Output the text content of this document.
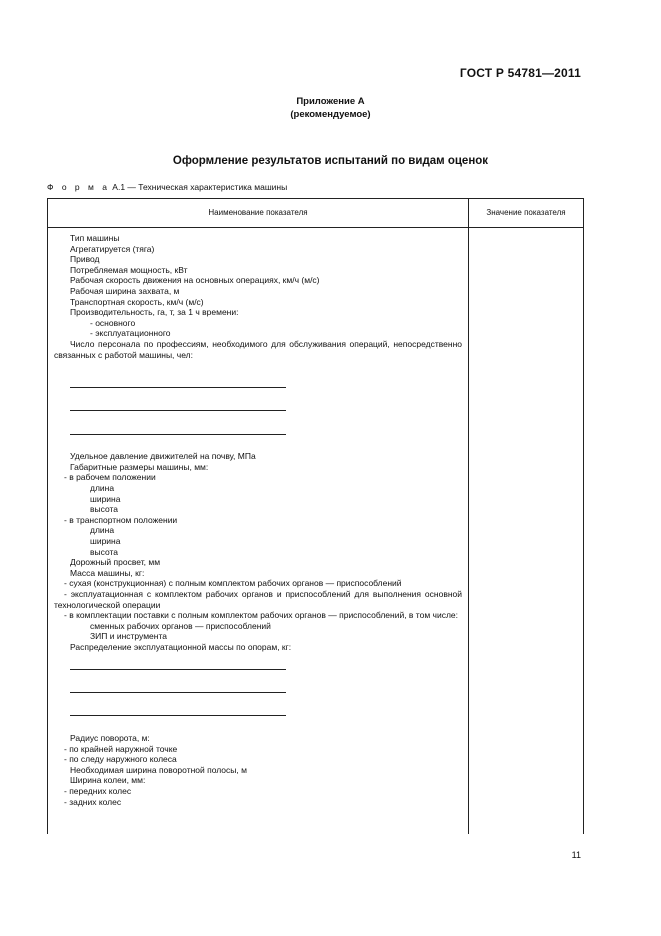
ГОСТ Р 54781—2011
Приложение А
(рекомендуемое)
Оформление результатов испытаний по видам оценок
Ф о р м а А.1 — Техническая характеристика машины
Наименование показателя	Значение показателя
Тип машины
Агрегатируется (тяга)
Привод
Потребляемая мощность, кВт
Рабочая скорость движения на основных операциях, км/ч (м/с)
Рабочая ширина захвата, м
Транспортная скорость, км/ч (м/с)
Производительность, га, т, за 1 ч времени:
- основного
- эксплуатационного
Число персонала по профессиям, необходимого для обслуживания операций, непосредственно связанных с работой машины, чел:
Удельное давление движителей на почву, МПа
Габаритные размеры машины, мм:
- в рабочем положении
длина
ширина
высота
- в транспортном положении
длина
ширина
высота
Дорожный просвет, мм
Масса машины, кг:
- сухая (конструкционная) с полным комплектом рабочих органов — приспособлений
- эксплуатационная с комплектом рабочих органов и приспособлений для выполнения основной технологической операции
- в комплектации поставки с полным комплектом рабочих органов — приспособлений, в том числе:
сменных рабочих органов — приспособлений
ЗИП и инструмента
Распределение эксплуатационной массы по опорам, кг:
Радиус поворота, м:
- по крайней наружной точке
- по следу наружного колеса
Необходимая ширина поворотной полосы, м
Ширина колеи, мм:
- передних колес
- задних колес
11
